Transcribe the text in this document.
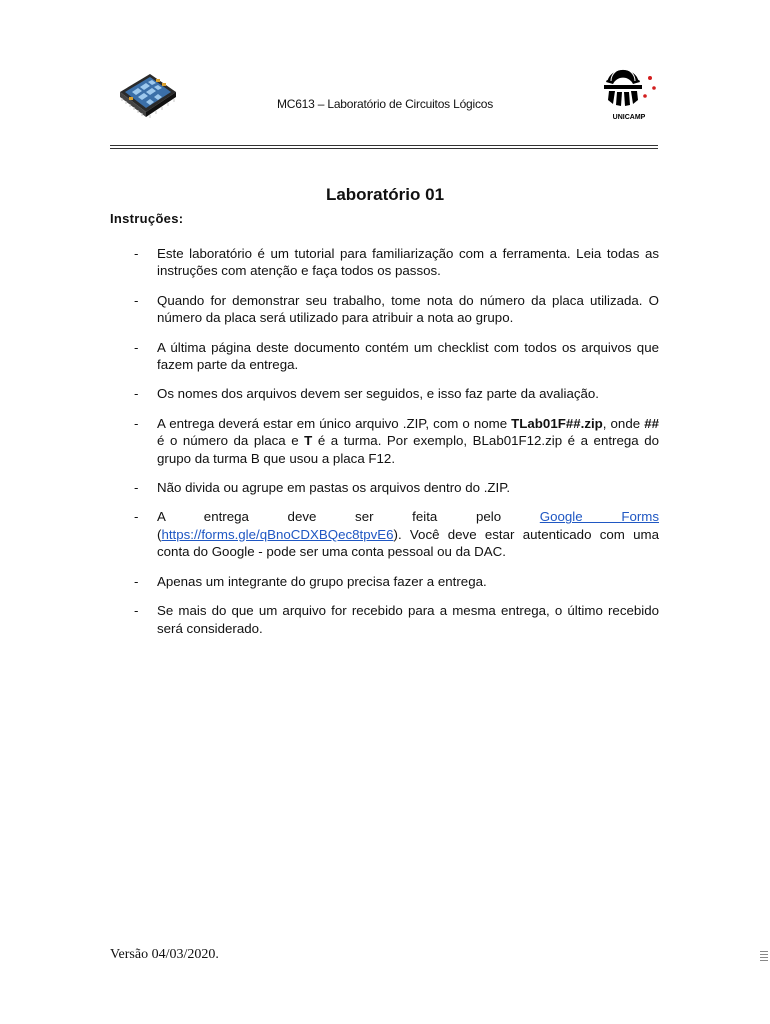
MC613 – Laboratório de Circuitos Lógicos
UNICAMP
Laboratório 01
Instruções:
- Este laboratório é um tutorial para familiarização com a ferramenta. Leia todas as instruções com atenção e faça todos os passos.
- Quando for demonstrar seu trabalho, tome nota do número da placa utilizada. O número da placa será utilizado para atribuir a nota ao grupo.
- A última página deste documento contém um checklist com todos os arquivos que fazem parte da entrega.
- Os nomes dos arquivos devem ser seguidos, e isso faz parte da avaliação.
- A entrega deverá estar em único arquivo .ZIP, com o nome TLab01F##.zip, onde ## é o número da placa e T é a turma. Por exemplo, BLab01F12.zip é a entrega do grupo da turma B que usou a placa F12.
- Não divida ou agrupe em pastas os arquivos dentro do .ZIP.
- A entrega deve ser feita pelo Google Forms (https://forms.gle/qBnoCDXBQec8tpvE6). Você deve estar autenticado com uma conta do Google - pode ser uma conta pessoal ou da DAC.
- Apenas um integrante do grupo precisa fazer a entrega.
- Se mais do que um arquivo for recebido para a mesma entrega, o último recebido será considerado.
Versão 04/03/2020.
